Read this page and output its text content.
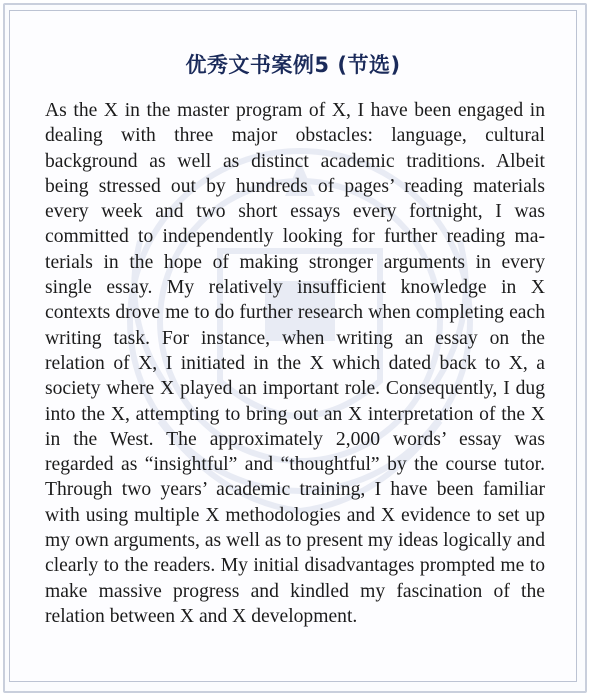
优秀文书案例5 (节选)
As the X in the master program of X, I have been engaged in dealing with three major obstacles: language, cultural background as well as distinct academic traditions. Albeit being stressed out by hundreds of pages’ reading materials every week and two short essays every fortnight, I was committed to independently looking for further reading materials in the hope of making stronger arguments in every single essay. My relatively insufficient knowledge in X contexts drove me to do further research when completing each writing task. For instance, when writing an essay on the relation of X, I initiated in the X which dated back to X, a society where X played an important role. Consequently, I dug into the X, attempting to bring out an X interpretation of the X in the West. The approximately 2,000 words’ essay was regarded as “insightful” and “thoughtful” by the course tutor. Through two years’ academic training, I have been familiar with using multiple X methodologies and X evidence to set up my own arguments, as well as to present my ideas logically and clearly to the readers. My initial disadvantages prompted me to make massive progress and kindled my fascination of the relation between X and X development.
